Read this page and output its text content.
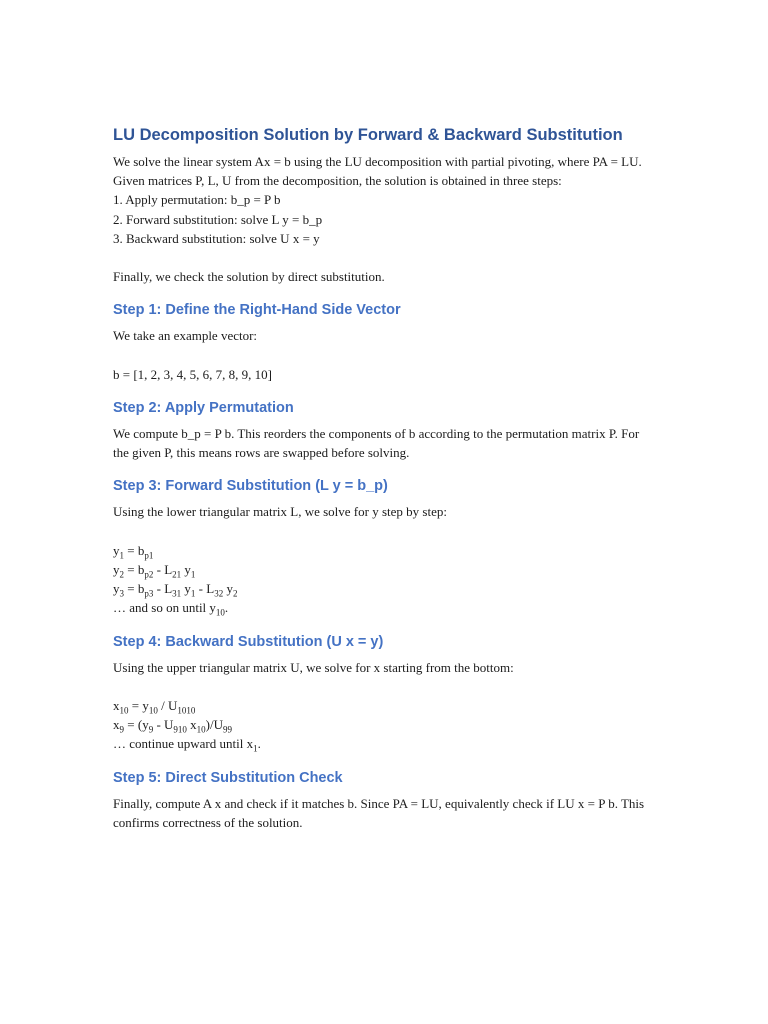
LU Decomposition Solution by Forward & Backward Substitution
We solve the linear system Ax = b using the LU decomposition with partial pivoting, where PA = LU. Given matrices P, L, U from the decomposition, the solution is obtained in three steps:
1. Apply permutation: b_p = P b
2. Forward substitution: solve L y = b_p
3. Backward substitution: solve U x = y
Finally, we check the solution by direct substitution.
Step 1: Define the Right-Hand Side Vector
We take an example vector:
b = [1, 2, 3, 4, 5, 6, 7, 8, 9, 10]
Step 2: Apply Permutation
We compute b_p = P b. This reorders the components of b according to the permutation matrix P. For the given P, this means rows are swapped before solving.
Step 3: Forward Substitution (L y = b_p)
Using the lower triangular matrix L, we solve for y step by step:
$y_1 = b_{p1}$
$y_2 = b_{p2} - L_{21}$ $y_1$
$y_3 = b_{p3} - L_{31}$ $y_1 - L_{32}$ $y_2$
… and so on until $y_{10}$.
Step 4: Backward Substitution (U x = y)
Using the upper triangular matrix U, we solve for x starting from the bottom:
$x_{10} = y_{10} / U_{1010}$
$x_9 = (y_9 - U_{910}$ $x_{10})/U_{99}$
… continue upward until $x_1$.
Step 5: Direct Substitution Check
Finally, compute A x and check if it matches b. Since PA = LU, equivalently check if LU x = P b. This confirms correctness of the solution.
